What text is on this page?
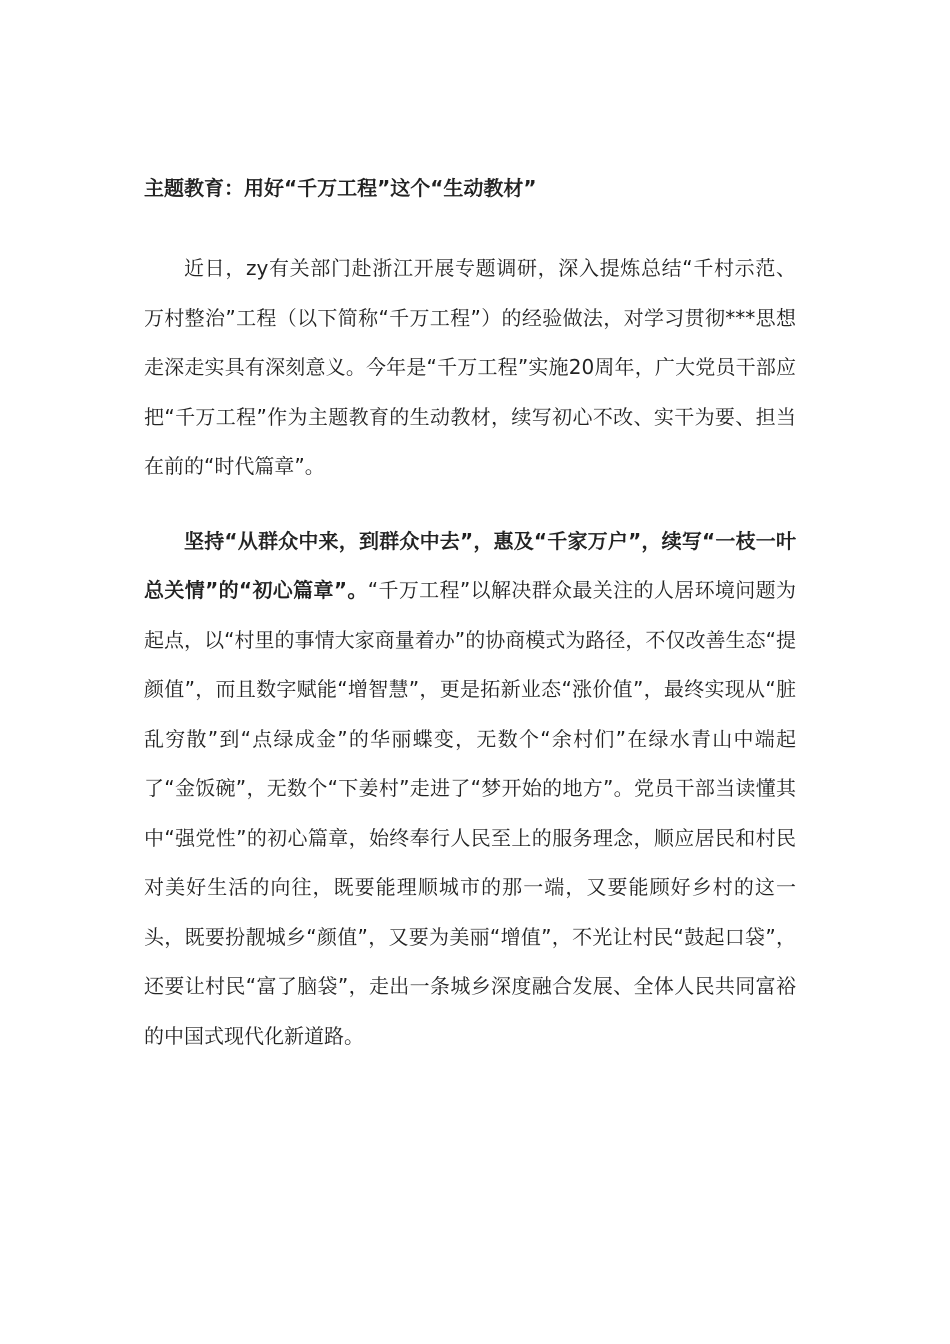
主题教育：用好“千万工程”这个“生动教材”

近日，zy有关部门赴浙江开展专题调研，深入提炼总结“千村示范、万村整治”工程（以下简称“千万工程”）的经验做法，对学习贯彻***思想走深走实具有深刻意义。今年是“千万工程”实施20周年，广大党员干部应把“千万工程”作为主题教育的生动教材，续写初心不改、实干为要、担当在前的“时代篇章”。

坚持“从群众中来，到群众中去”，惠及“千家万户”，续写“一枝一叶总关情”的“初心篇章”。“千万工程”以解决群众最关注的人居环境问题为起点，以“村里的事情大家商量着办”的协商模式为路径，不仅改善生态“提颜值”，而且数字赋能“增智慧”，更是拓新业态“涨价值”，最终实现从“脏乱穷散”到“点绿成金”的华丽蝶变，无数个“余村们”在绿水青山中端起了“金饭碗”，无数个“下姜村”走进了“梦开始的地方”。党员干部当读懂其中“强党性”的初心篇章，始终奉行人民至上的服务理念，顺应居民和村民对美好生活的向往，既要能理顺城市的那一端，又要能顾好乡村的这一头，既要扮靓城乡“颜值”，又要为美丽“增值”，不光让村民“鼓起口袋”，还要让村民“富了脑袋”，走出一条城乡深度融合发展、全体人民共同富裕的中国式现代化新道路。
